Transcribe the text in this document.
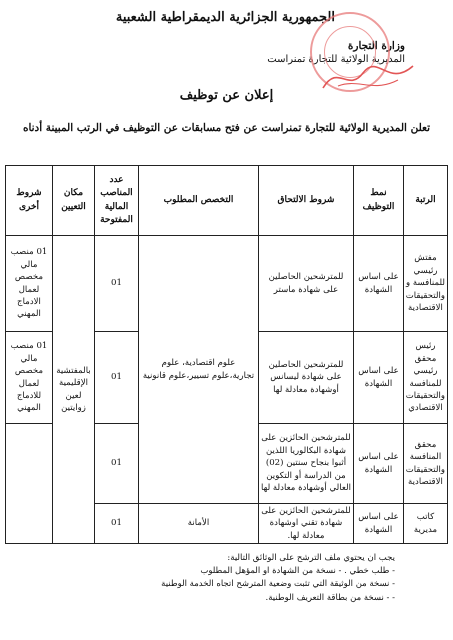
الجمهورية الجزائرية الديمقراطية الشعبية
وزارة التجارة
المديرية الولائية للتجارة تمنراست
إعلان عن توظيف
تعلن المديرية الولائية للتجارة تمنراست عن فتح مسابقات عن التوظيف في الرتب المبينة أدناه
الرتبة	نمط التوظيف	شروط الالتحاق	التخصص المطلوب	عدد المناصب المالية المفتوحة	مكان التعيين	شروط أخرى
مفتش رئيسي للمنافسة و والتحقيقات الاقتصادية	على اساس الشهادة	للمترشحين الحاصلين على شهادة ماستر	علوم اقتصادية، علوم تجارية،علوم تسيير،علوم قانونية	01	بالمفتشية الإقليمية لعين زوايتين	01 منصب مالي مخصص لعمال الادماج المهني
رئيس محقق رئيسي للمنافسة والتحقيقات الاقتصادي	على اساس الشهادة	للمترشحين الحاصلين على شهادة ليسانس أوشهادة معادلة لها		01		01 منصب مالي مخصص لعمال للادماج المهني
محقق المنافسة والتحقيقات الاقتصادية	على اساس الشهادة	للمترشحين الحائزين على شهادة البكالوريا اللذين أثبوا بنجاح سنتين (02) من الدراسة أو التكوين العالي أوشهادة معادلة لها		01		
كاتب مديرية	على اساس الشهادة	للمترشحين الحائزين على شهادة تقني اوشهادة معادلة لها.	الأمانة	01		
يجب ان يحتوي ملف الترشح على الوثائق التالية:
- طلب خطي . - نسخة من الشهادة او المؤهل المطلوب
- نسخة من الوثيقة التي تثبت وضعية المترشح اتجاه الخدمة الوطنية
- - نسخة من بطاقة التعريف الوطنية.
